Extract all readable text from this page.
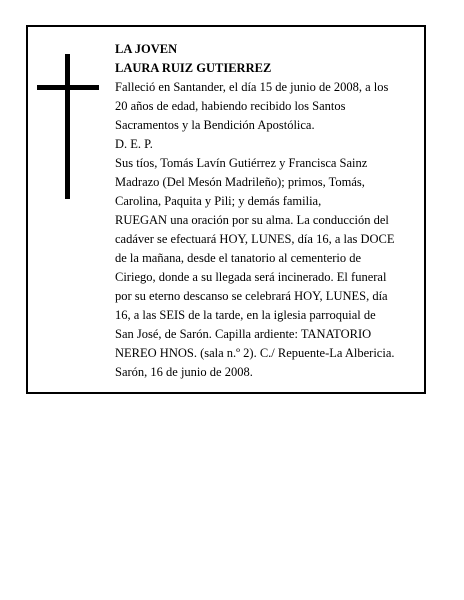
LA JOVEN
LAURA RUIZ GUTIERREZ
Falleció en Santander, el día 15 de junio de 2008, a los
20 años de edad, habiendo recibido los Santos
Sacramentos y la Bendición Apostólica.
D. E. P.
Sus tíos, Tomás Lavín Gutiérrez y Francisca Sainz
Madrazo (Del Mesón Madrileño); primos, Tomás,
Carolina, Paquita y Pili; y demás familia,
RUEGAN una oración por su alma. La conducción del
cadáver se efectuará HOY, LUNES, día 16, a las DOCE
de la mañana, desde el tanatorio al cementerio de
Ciriego, donde a su llegada será incinerado. El funeral
por su eterno descanso se celebrará HOY, LUNES, día
16, a las SEIS de la tarde, en la iglesia parroquial de
San José, de Sarón. Capilla ardiente: TANATORIO
NEREO HNOS. (sala n.º 2). C./ Repuente-La Albericia.
Sarón, 16 de junio de 2008.
